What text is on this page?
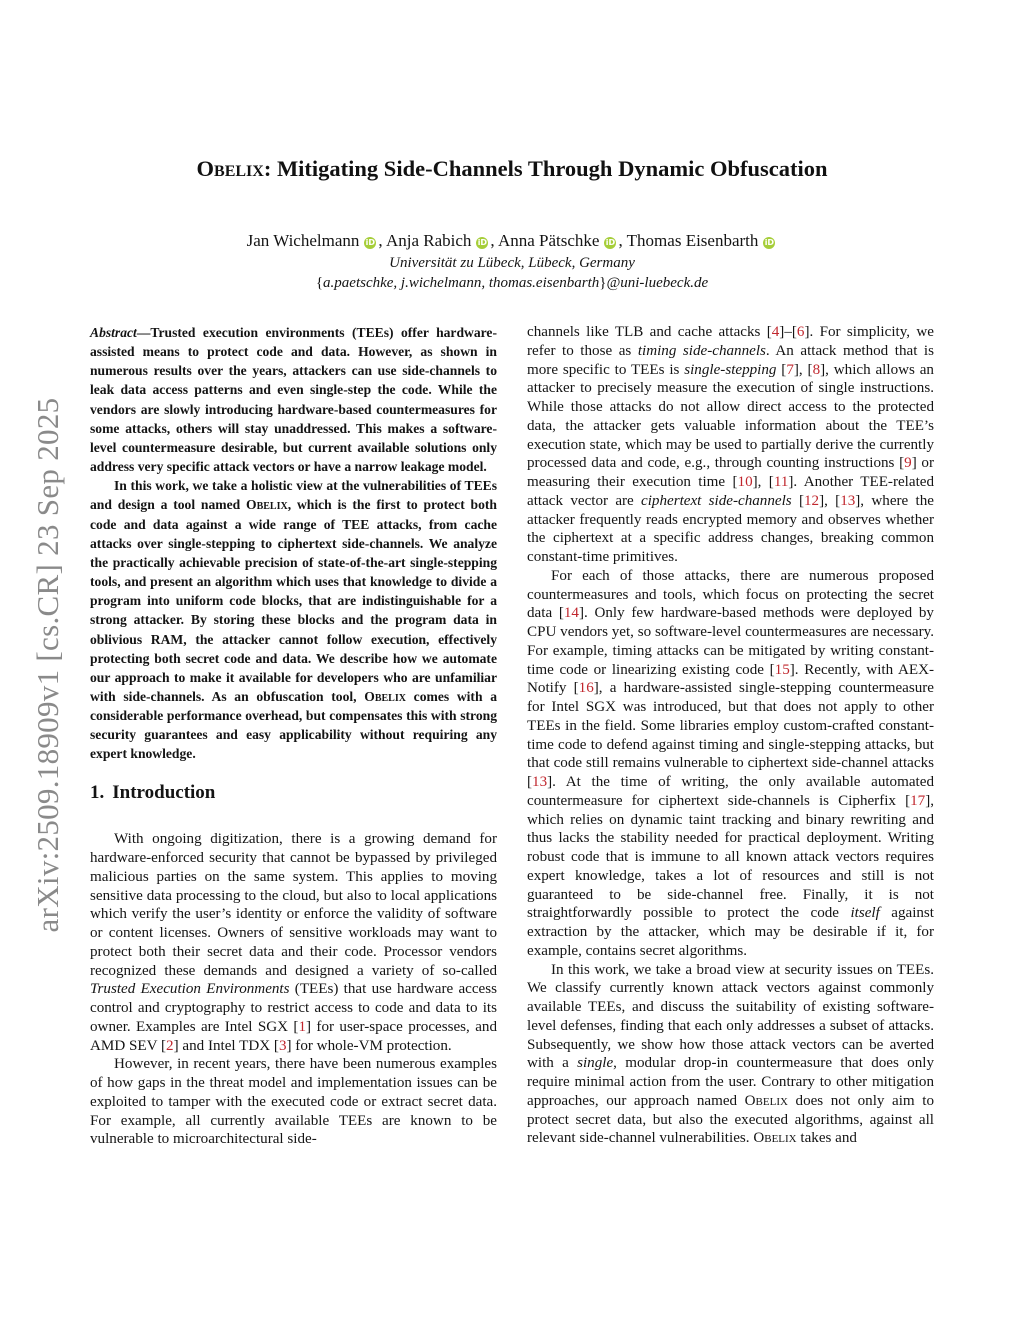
arXiv:2509.18909v1 [cs.CR] 23 Sep 2025
Obelix: Mitigating Side-Channels Through Dynamic Obfuscation
Jan Wichelmann iD , Anja Rabich iD , Anna Pätschke iD , Thomas Eisenbarth iD
Universität zu Lübeck, Lübeck, Germany
{a.paetschke, j.wichelmann, thomas.eisenbarth}@uni-luebeck.de

Abstract—Trusted execution environments (TEEs) offer hardware-assisted means to protect code and data. However, as shown in numerous results over the years, attackers can use side-channels to leak data access patterns and even single-step the code. While the vendors are slowly introducing hardware-based countermeasures for some attacks, others will stay unaddressed. This makes a software-level countermeasure desirable, but current available solutions only address very specific attack vectors or have a narrow leakage model.

In this work, we take a holistic view at the vulnerabilities of TEEs and design a tool named Obelix, which is the first to protect both code and data against a wide range of TEE attacks, from cache attacks over single-stepping to ciphertext side-channels. We analyze the practically achievable precision of state-of-the-art single-stepping tools, and present an algorithm which uses that knowledge to divide a program into uniform code blocks, that are indistinguishable for a strong attacker. By storing these blocks and the program data in oblivious RAM, the attacker cannot follow execution, effectively protecting both secret code and data. We describe how we automate our approach to make it available for developers who are unfamiliar with side-channels. As an obfuscation tool, Obelix comes with a considerable performance overhead, but compensates this with strong security guarantees and easy applicability without requiring any expert knowledge.

1. Introduction

With ongoing digitization, there is a growing demand for hardware-enforced security that cannot be bypassed by privileged malicious parties on the same system. This applies to moving sensitive data processing to the cloud, but also to local applications which verify the user’s identity or enforce the validity of software or content licenses. Owners of sensitive workloads may want to protect both their secret data and their code. Processor vendors recognized these demands and designed a variety of so-called Trusted Execution Environments (TEEs) that use hardware access control and cryptography to restrict access to code and data to its owner. Examples are Intel SGX [1] for user-space processes, and AMD SEV [2] and Intel TDX [3] for whole-VM protection.

However, in recent years, there have been numerous examples of how gaps in the threat model and implementation issues can be exploited to tamper with the executed code or extract secret data. For example, all currently available TEEs are known to be vulnerable to microarchitectural side-

channels like TLB and cache attacks [4]–[6]. For simplicity, we refer to those as timing side-channels. An attack method that is more specific to TEEs is single-stepping [7], [8], which allows an attacker to precisely measure the execution of single instructions. While those attacks do not allow direct access to the protected data, the attacker gets valuable information about the TEE’s execution state, which may be used to partially derive the currently processed data and code, e.g., through counting instructions [9] or measuring their execution time [10], [11]. Another TEE-related attack vector are ciphertext side-channels [12], [13], where the attacker frequently reads encrypted memory and observes whether the ciphertext at a specific address changes, breaking common constant-time primitives.

For each of those attacks, there are numerous proposed countermeasures and tools, which focus on protecting the secret data [14]. Only few hardware-based methods were deployed by CPU vendors yet, so software-level countermeasures are necessary. For example, timing attacks can be mitigated by writing constant-time code or linearizing existing code [15]. Recently, with AEX-Notify [16], a hardware-assisted single-stepping countermeasure for Intel SGX was introduced, but that does not apply to other TEEs in the field. Some libraries employ custom-crafted constant-time code to defend against timing and single-stepping attacks, but that code still remains vulnerable to ciphertext side-channel attacks [13]. At the time of writing, the only available automated countermeasure for ciphertext side-channels is Cipherfix [17], which relies on dynamic taint tracking and binary rewriting and thus lacks the stability needed for practical deployment. Writing robust code that is immune to all known attack vectors requires expert knowledge, takes a lot of resources and still is not guaranteed to be side-channel free. Finally, it is not straightforwardly possible to protect the code itself against extraction by the attacker, which may be desirable if it, for example, contains secret algorithms.

In this work, we take a broad view at security issues on TEEs. We classify currently known attack vectors against commonly available TEEs, and discuss the suitability of existing software-level defenses, finding that each only addresses a subset of attacks. Subsequently, we show how those attack vectors can be averted with a single, modular drop-in countermeasure that does only require minimal action from the user. Contrary to other mitigation approaches, our approach named Obelix does not only aim to protect secret data, but also the executed algorithms, against all relevant side-channel vulnerabilities. Obelix takes and
